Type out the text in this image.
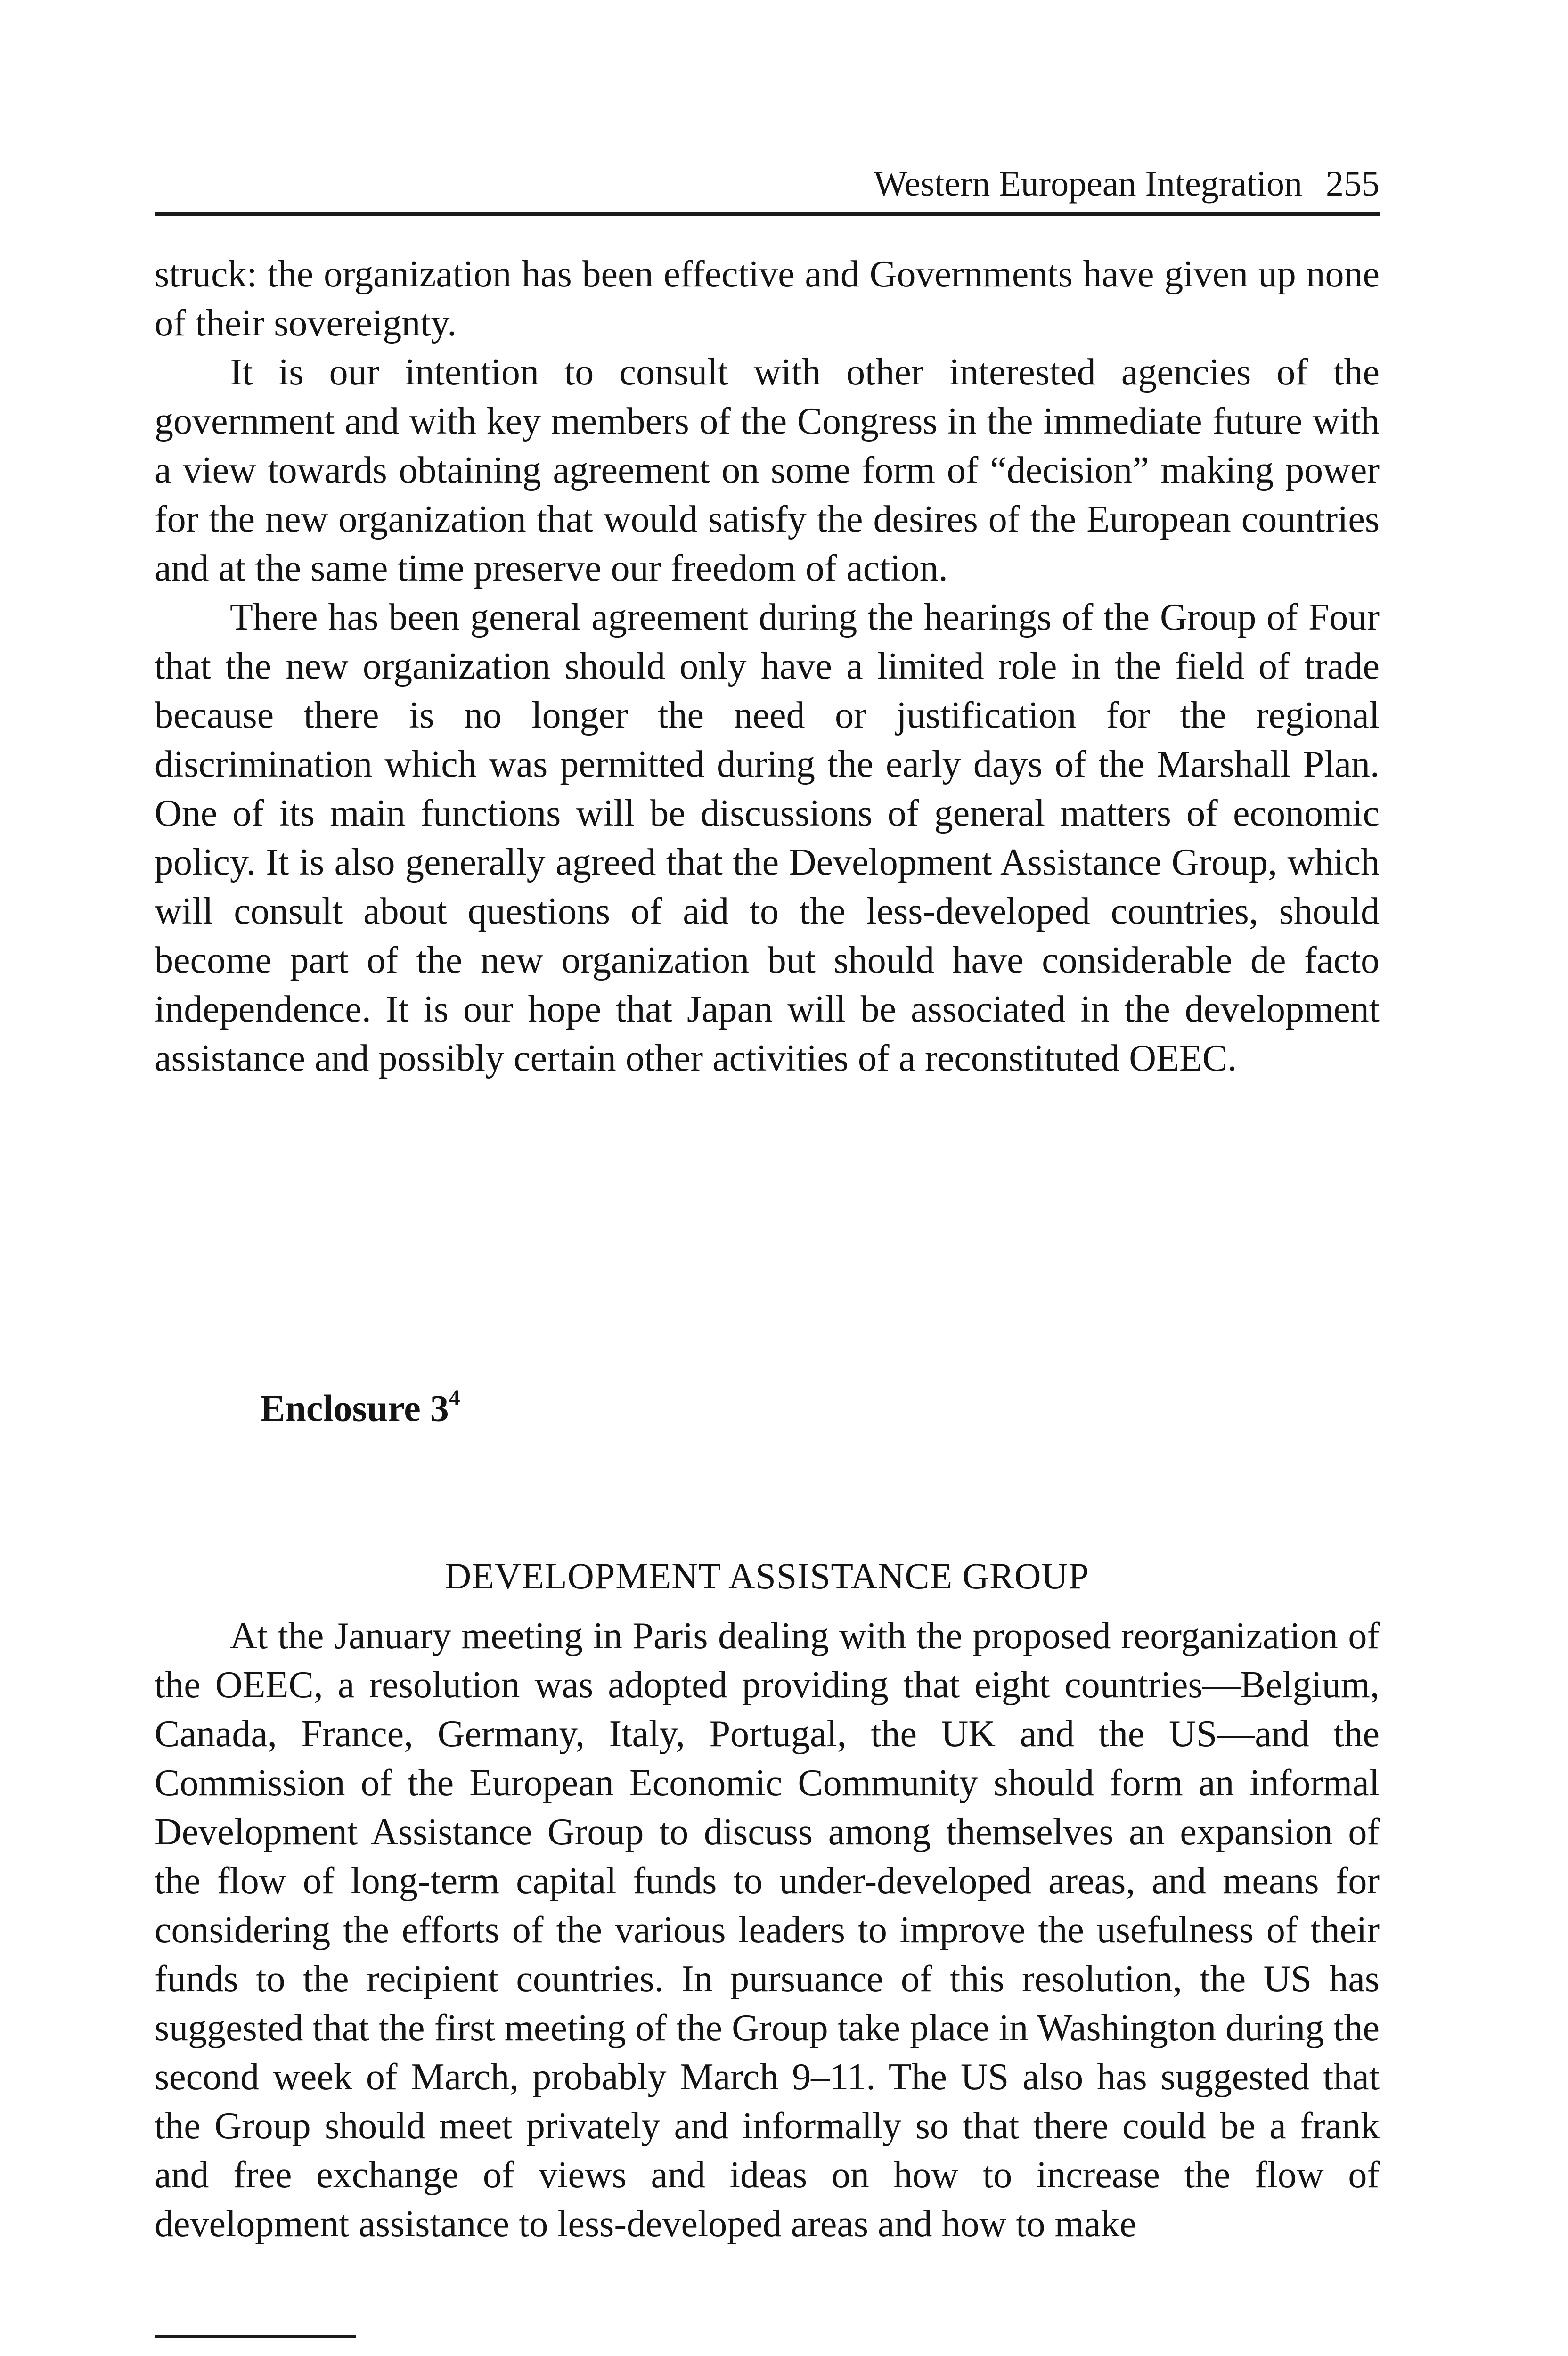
Western European Integration 255

struck: the organization has been effective and Governments have given up none of their sovereignty.

It is our intention to consult with other interested agencies of the government and with key members of the Congress in the immediate future with a view towards obtaining agreement on some form of “decision” making power for the new organization that would satisfy the desires of the European countries and at the same time preserve our freedom of action.

There has been general agreement during the hearings of the Group of Four that the new organization should only have a limited role in the field of trade because there is no longer the need or justification for the regional discrimination which was permitted during the early days of the Marshall Plan. One of its main functions will be discussions of general matters of economic policy. It is also generally agreed that the Development Assistance Group, which will consult about questions of aid to the less-developed countries, should become part of the new organization but should have considerable de facto independence. It is our hope that Japan will be associated in the development assistance and possibly certain other activities of a reconstituted OEEC.

Enclosure $3^4$
DEVELOPMENT ASSISTANCE GROUP

At the January meeting in Paris dealing with the proposed reorganization of the OEEC, a resolution was adopted providing that eight countries—Belgium, Canada, France, Germany, Italy, Portugal, the UK and the US—and the Commission of the European Economic Community should form an informal Development Assistance Group to discuss among themselves an expansion of the flow of long-term capital funds to under-developed areas, and means for considering the efforts of the various leaders to improve the usefulness of their funds to the recipient countries. In pursuance of this resolution, the US has suggested that the first meeting of the Group take place in Washington during the second week of March, probably March 9–11. The US also has suggested that the Group should meet privately and informally so that there could be a frank and free exchange of views and ideas on how to increase the flow of development assistance to less-developed areas and how to make
